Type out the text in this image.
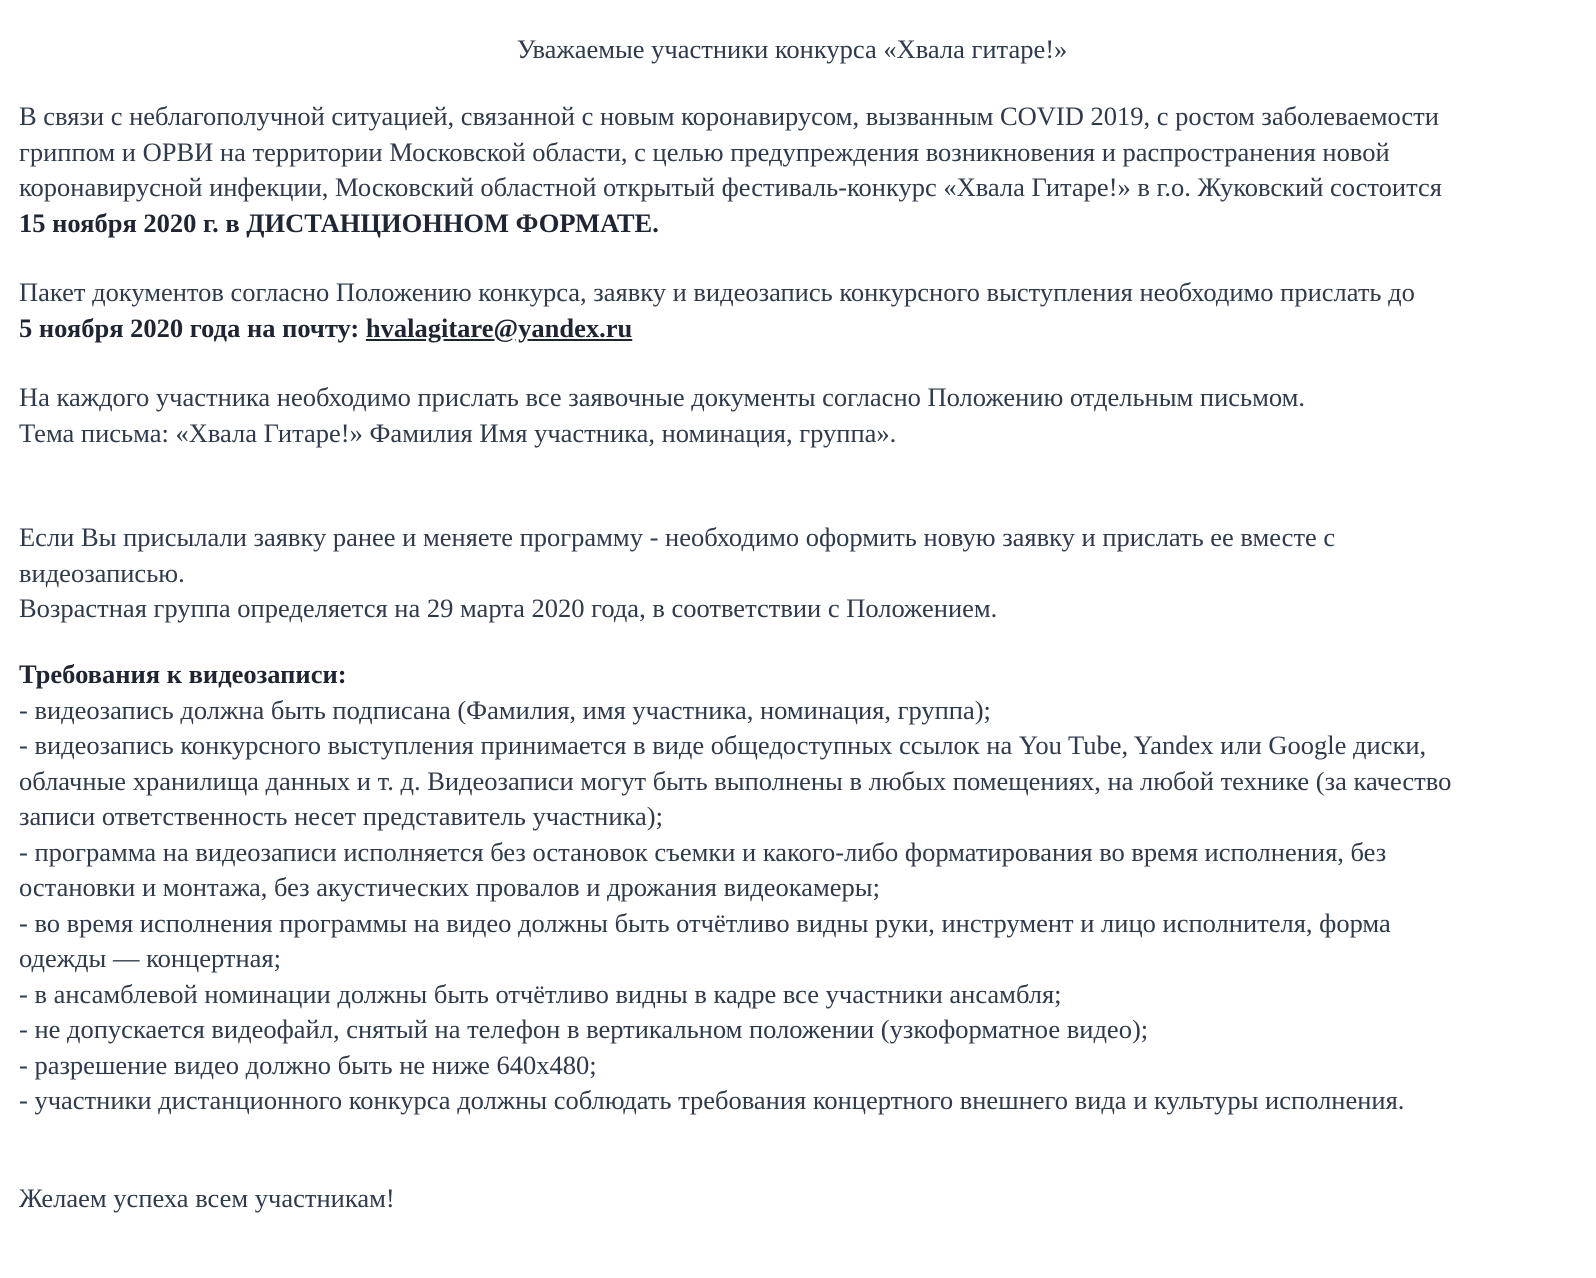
Уважаемые участники конкурса «Хвала гитаре!»

В связи с неблагополучной ситуацией, связанной с новым коронавирусом, вызванным COVID 2019, с ростом заболеваемости
гриппом и ОРВИ на территории Московской области, с целью предупреждения возникновения и распространения новой
коронавирусной инфекции, Московский областной открытый фестиваль-конкурс «Хвала Гитаре!» в г.о. Жуковский состоится
15 ноября 2020 г. в ДИСТАНЦИОННОМ ФОРМАТЕ.

Пакет документов согласно Положению конкурса, заявку и видеозапись конкурсного выступления необходимо прислать до
5 ноября 2020 года на почту: hvalagitare@yandex.ru

На каждого участника необходимо прислать все заявочные документы согласно Положению отдельным письмом.
Тема письма: «Хвала Гитаре!» Фамилия Имя участника, номинация, группа».

Если Вы присылали заявку ранее и меняете программу - необходимо оформить новую заявку и прислать ее вместе с
видеозаписью.
Возрастная группа определяется на 29 марта 2020 года, в соответствии с Положением.

Требования к видеозаписи:
- видеозапись должна быть подписана (Фамилия, имя участника, номинация, группа);
- видеозапись конкурсного выступления принимается в виде общедоступных ссылок на You Tube, Yandex или Google диски,
облачные хранилища данных и т. д. Видеозаписи могут быть выполнены в любых помещениях, на любой технике (за качество
записи ответственность несет представитель участника);
- программа на видеозаписи исполняется без остановок съемки и какого-либо форматирования во время исполнения, без
остановки и монтажа, без акустических провалов и дрожания видеокамеры;
- во время исполнения программы на видео должны быть отчётливо видны руки, инструмент и лицо исполнителя, форма
одежды — концертная;
- в ансамблевой номинации должны быть отчётливо видны в кадре все участники ансамбля;
- не допускается видеофайл, снятый на телефон в вертикальном положении (узкоформатное видео);
- разрешение видео должно быть не ниже 640x480;
- участники дистанционного конкурса должны соблюдать требования концертного внешнего вида и культуры исполнения.

Желаем успеха всем участникам!
